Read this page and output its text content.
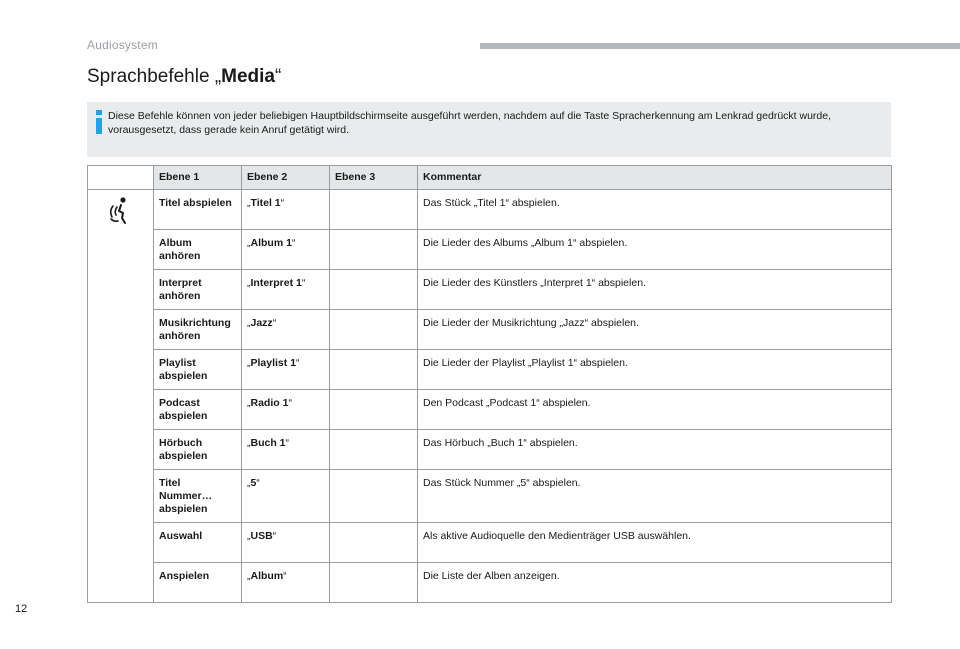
Audiosystem
Sprachbefehle „Media“
Diese Befehle können von jeder beliebigen Hauptbildschirmseite ausgeführt werden, nachdem auf die Taste Spracherkennung am Lenkrad gedrückt wurde, vorausgesetzt, dass gerade kein Anruf getätigt wird.
	Ebene 1	Ebene 2	Ebene 3	Kommentar

	Titel abspielen	„Titel 1“		Das Stück „Titel 1“ abspielen.
	Album anhören	„Album 1“		Die Lieder des Albums „Album 1“ abspielen.
	Interpret anhören	„Interpret 1“		Die Lieder des Künstlers „Interpret 1“ abspielen.
	Musikrichtung anhören	„Jazz“		Die Lieder der Musikrichtung „Jazz“ abspielen.
	Playlist abspielen	„Playlist 1“		Die Lieder der Playlist „Playlist 1“ abspielen.
	Podcast abspielen	„Radio 1“		Den Podcast „Podcast 1“ abspielen.
	Hörbuch abspielen	„Buch 1“		Das Hörbuch „Buch 1“ abspielen.
	Titel Nummer… abspielen	„5“		Das Stück Nummer „5“ abspielen.
	Auswahl	„USB“		Als aktive Audioquelle den Medienträger USB auswählen.
	Anspielen	„Album“		Die Liste der Alben anzeigen.
12
